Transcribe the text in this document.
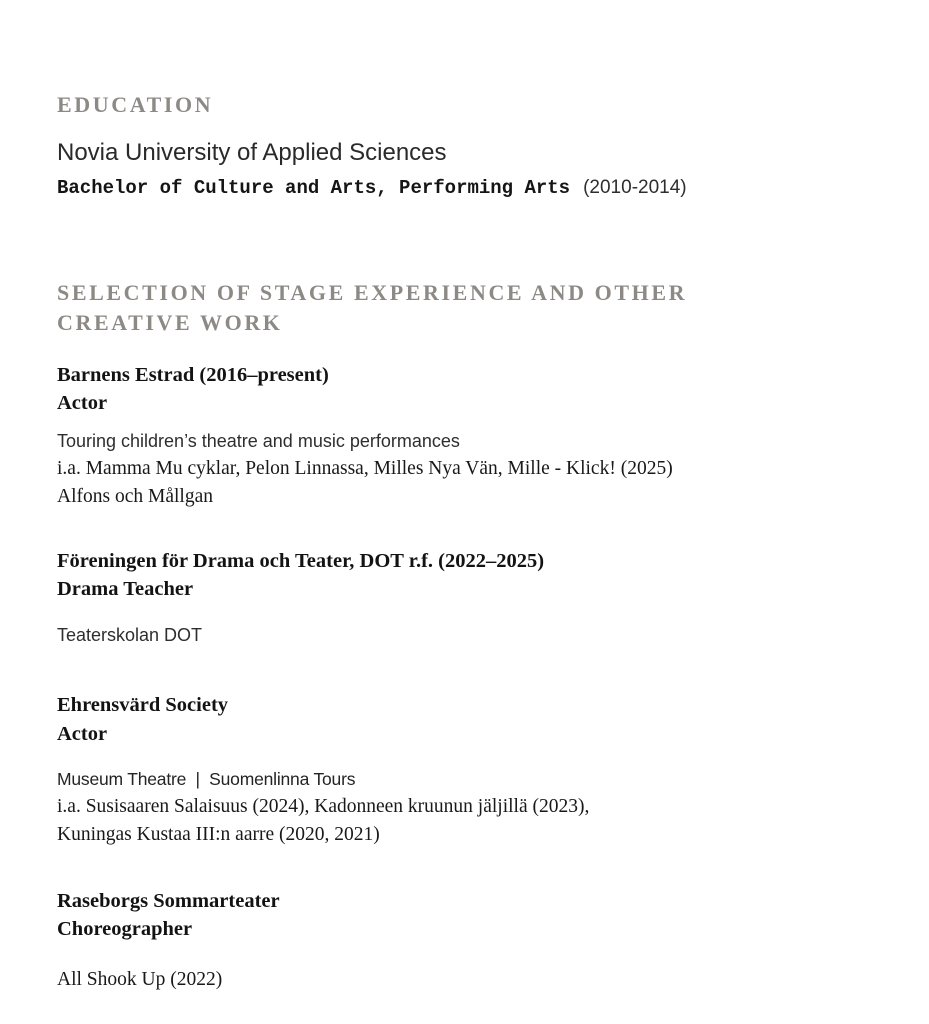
EDUCATION
Novia University of Applied Sciences
Bachelor of Culture and Arts, Performing Arts (2010-2014)
SELECTION OF STAGE EXPERIENCE AND OTHER
CREATIVE WORK
Barnens Estrad (2016–present)
Actor
Touring children’s theatre and music performances
i.a. Mamma Mu cyklar, Pelon Linnassa, Milles Nya Vän, Mille - Klick! (2025)
Alfons och Mållgan
Föreningen för Drama och Teater, DOT r.f. (2022–2025)
Drama Teacher
Teaterskolan DOT
Ehrensvärd Society
Actor
Museum Theatre  |  Suomenlinna Tours
i.a. Susisaaren Salaisuus (2024), Kadonneen kruunun jäljillä (2023),
Kuningas Kustaa III:n aarre (2020, 2021)
Raseborgs Sommarteater
Choreographer
All Shook Up (2022)
